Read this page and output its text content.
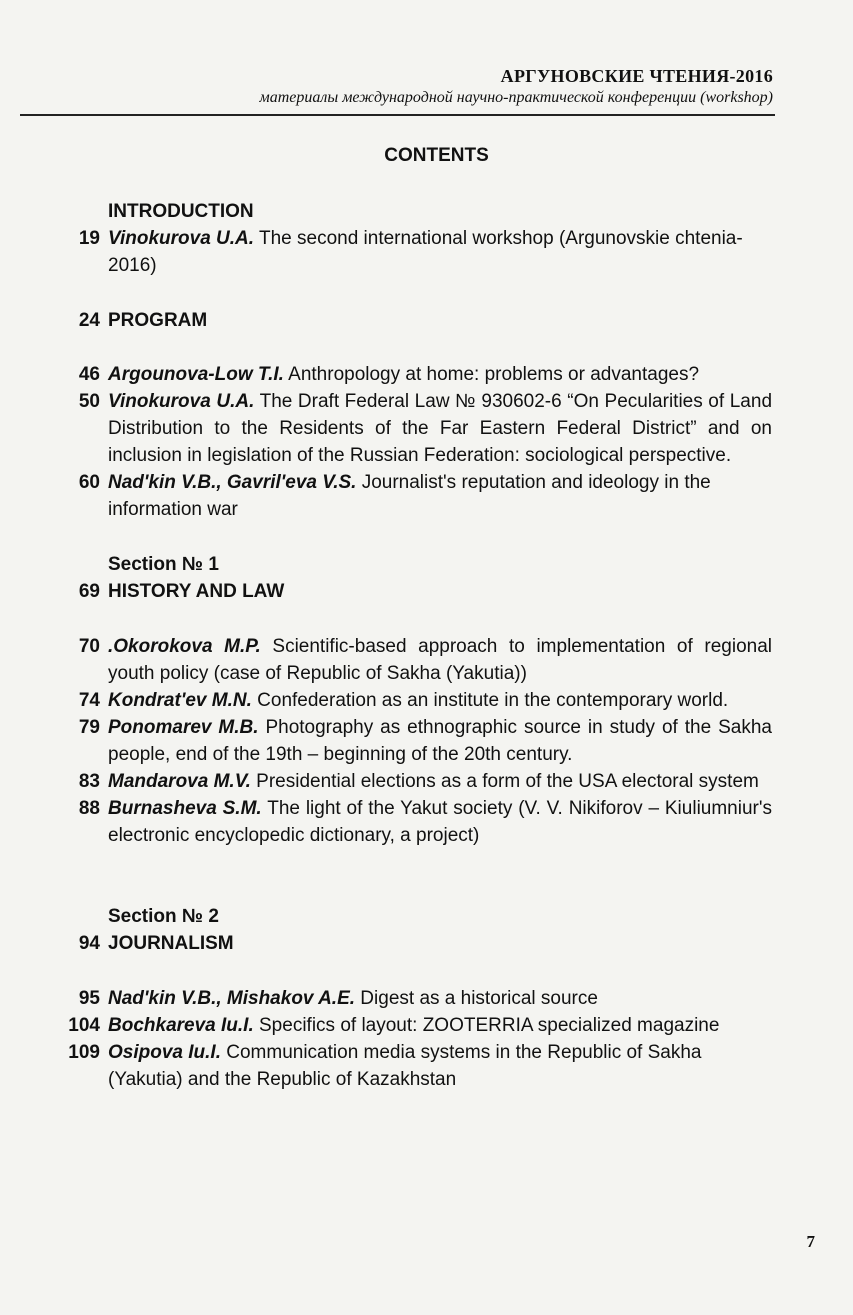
АРГУНОВСКИЕ ЧТЕНИЯ-2016
материалы международной научно-практической конференции (workshop)
CONTENTS
INTRODUCTION
19 Vinokurova U.A. The second international workshop (Argunovskie chtenia-2016)
24 PROGRAM
46 Argounova-Low T.I. Anthropology at home: problems or advantages?
50 Vinokurova U.A. The Draft Federal Law № 930602-6 “On Pecularities of Land Distribution to the Residents of the Far Eastern Federal District” and on inclusion in legislation of the Russian Federation: sociological perspective.
60 Nad'kin V.B., Gavril'eva V.S. Journalist's reputation and ideology in the information war
Section № 1
69 HISTORY AND LAW
70 .Okorokova M.P. Scientific-based approach to implementation of regional youth policy (case of Republic of Sakha (Yakutia))
74 Kondrat'ev M.N. Confederation as an institute in the contemporary world.
79 Ponomarev M.B. Photography as ethnographic source in study of the Sakha people, end of the 19th – beginning of the 20th century.
83 Mandarova M.V. Presidential elections as a form of the USA electoral system
88 Burnasheva S.M. The light of the Yakut society (V. V. Nikiforov – Kiuliumniur's electronic encyclopedic dictionary, a project)
Section № 2
94 JOURNALISM
95 Nad'kin V.B., Mishakov A.E. Digest as a historical source
104 Bochkareva Iu.I. Specifics of layout: ZOOTERRIA specialized magazine
109 Osipova Iu.I. Communication media systems in the Republic of Sakha (Yakutia) and the Republic of Kazakhstan
7
